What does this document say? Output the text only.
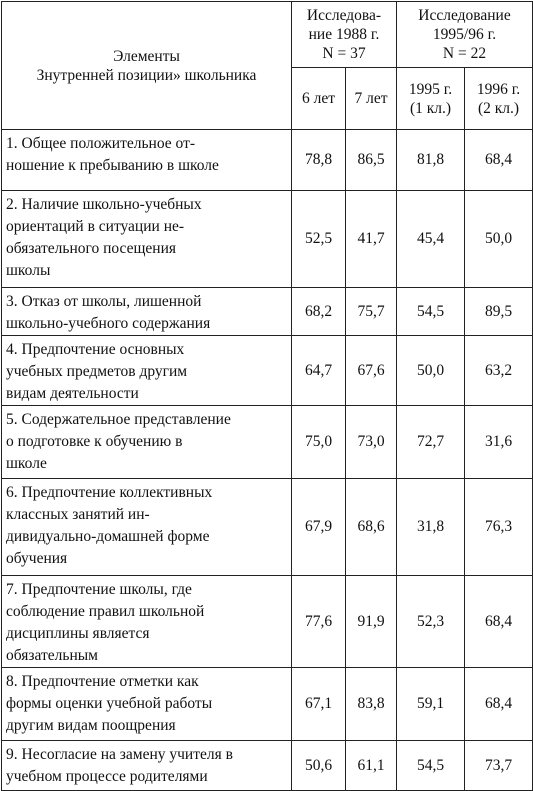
Элементы
Знутренней позиции» школьника	Исследова-
ние 1988 г.
N = 37		Исследование
1995/96 г.
N = 22	
	6 лет	7 лет	1995 г.
(1 кл.)	1996 г.
(2 кл.)
1. Общее положительное от-
ношение к пребыванию в школе	78,8	86,5	81,8	68,4
2. Наличие школьно-учебных
ориентаций в ситуации не-
обязательного посещения
школы	52,5	41,7	45,4	50,0
3. Отказ от школы, лишенной
школьно-учебного содержания	68,2	75,7	54,5	89,5
4. Предпочтение основных
учебных предметов другим
видам деятельности	64,7	67,6	50,0	63,2
5. Содержательное представление
о подготовке к обучению в
школе	75,0	73,0	72,7	31,6
6. Предпочтение коллективных
классных занятий ин-
дивидуально-домашней форме
обучения	67,9	68,6	31,8	76,3
7. Предпочтение школы, где
соблюдение правил школьной
дисциплины является
обязательным	77,6	91,9	52,3	68,4
8. Предпочтение отметки как
формы оценки учебной работы
другим видам поощрения	67,1	83,8	59,1	68,4
9. Несогласие на замену учителя в
учебном процессе родителями	50,6	61,1	54,5	73,7
